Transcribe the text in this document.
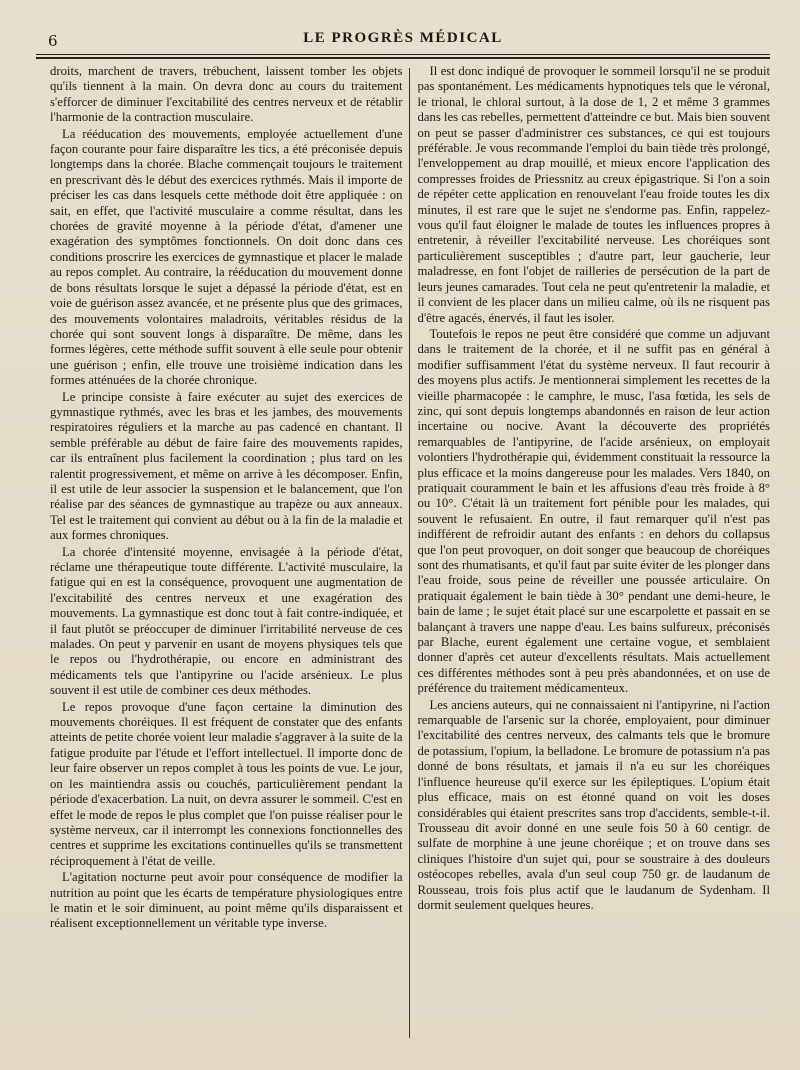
6	LE PROGRÈS MÉDICAL

droits, marchent de travers, trébuchent, laissent tomber les objets qu'ils tiennent à la main. On devra donc au cours du traitement s'efforcer de diminuer l'excitabilité des centres nerveux et de rétablir l'harmonie de la contraction musculaire.

La rééducation des mouvements, employée actuellement d'une façon courante pour faire disparaître les tics, a été préconisée depuis longtemps dans la chorée. Blache commençait toujours le traitement en prescrivant dès le début des exercices rythmés. Mais il importe de préciser les cas dans lesquels cette méthode doit être appliquée : on sait, en effet, que l'activité musculaire a comme résultat, dans les chorées de gravité moyenne à la période d'état, d'amener une exagération des symptômes fonctionnels. On doit donc dans ces conditions proscrire les exercices de gymnastique et placer le malade au repos complet. Au contraire, la rééducation du mouvement donne de bons résultats lorsque le sujet a dépassé la période d'état, est en voie de guérison assez avancée, et ne présente plus que des grimaces, des mouvements volontaires maladroits, véritables résidus de la chorée qui sont souvent longs à disparaître. De même, dans les formes légères, cette méthode suffit souvent à elle seule pour obtenir une guérison ; enfin, elle trouve une troisième indication dans les formes atténuées de la chorée chronique.

Le principe consiste à faire exécuter au sujet des exercices de gymnastique rythmés, avec les bras et les jambes, des mouvements respiratoires réguliers et la marche au pas cadencé en chantant. Il semble préférable au début de faire faire des mouvements rapides, car ils entraînent plus facilement la coordination ; plus tard on les ralentit progressivement, et même on arrive à les décomposer. Enfin, il est utile de leur associer la suspension et le balancement, que l'on réalise par des séances de gymnastique au trapèze ou aux anneaux. Tel est le traitement qui convient au début ou à la fin de la maladie et aux formes chroniques.

La chorée d'intensité moyenne, envisagée à la période d'état, réclame une thérapeutique toute différente. L'activité musculaire, la fatigue qui en est la conséquence, provoquent une augmentation de l'excitabilité des centres nerveux et une exagération des mouvements. La gymnastique est donc tout à fait contre-indiquée, et il faut plutôt se préoccuper de diminuer l'irritabilité nerveuse de ces malades. On peut y parvenir en usant de moyens physiques tels que le repos ou l'hydrothérapie, ou encore en administrant des médicaments tels que l'antipyrine ou l'acide arsénieux. Le plus souvent il est utile de combiner ces deux méthodes.

Le repos provoque d'une façon certaine la diminution des mouvements choréiques. Il est fréquent de constater que des enfants atteints de petite chorée voient leur maladie s'aggraver à la suite de la fatigue produite par l'étude et l'effort intellectuel. Il importe donc de leur faire observer un repos complet à tous les points de vue. Le jour, on les maintiendra assis ou couchés, particulièrement pendant la période d'exacerbation. La nuit, on devra assurer le sommeil. C'est en effet le mode de repos le plus complet que l'on puisse réaliser pour le système nerveux, car il interrompt les connexions fonctionnelles des centres et supprime les excitations continuelles qu'ils se transmettent réciproquement à l'état de veille.

L'agitation nocturne peut avoir pour conséquence de modifier la nutrition au point que les écarts de température physiologiques entre le matin et le soir diminuent, au point même qu'ils disparaissent et réalisent exceptionnellement un véritable type inverse.

Il est donc indiqué de provoquer le sommeil lorsqu'il ne se produit pas spontanément. Les médicaments hypnotiques tels que le véronal, le trional, le chloral surtout, à la dose de 1, 2 et même 3 grammes dans les cas rebelles, permettent d'atteindre ce but. Mais bien souvent on peut se passer d'administrer ces substances, ce qui est toujours préférable. Je vous recommande l'emploi du bain tiède très prolongé, l'enveloppement au drap mouillé, et mieux encore l'application des compresses froides de Priessnitz au creux épigastrique. Si l'on a soin de répéter cette application en renouvelant l'eau froide toutes les dix minutes, il est rare que le sujet ne s'endorme pas. Enfin, rappelez-vous qu'il faut éloigner le malade de toutes les influences propres à entretenir, à réveiller l'excitabilité nerveuse. Les choréiques sont particulièrement susceptibles ; d'autre part, leur gaucherie, leur maladresse, en font l'objet de railleries de persécution de la part de leurs jeunes camarades. Tout cela ne peut qu'entretenir la maladie, et il convient de les placer dans un milieu calme, où ils ne risquent pas d'être agacés, énervés, il faut les isoler.

Toutefois le repos ne peut être considéré que comme un adjuvant dans le traitement de la chorée, et il ne suffit pas en général à modifier suffisamment l'état du système nerveux. Il faut recourir à des moyens plus actifs. Je mentionnerai simplement les recettes de la vieille pharmacopée : le camphre, le musc, l'asa fœtida, les sels de zinc, qui sont depuis longtemps abandonnés en raison de leur action incertaine ou nocive. Avant la découverte des propriétés remarquables de l'antipyrine, de l'acide arsénieux, on employait volontiers l'hydrothérapie qui, évidemment constituait la ressource la plus efficace et la moins dangereuse pour les malades. Vers 1840, on pratiquait couramment le bain et les affusions d'eau très froide à 8° ou 10°. C'était là un traitement fort pénible pour les malades, qui souvent le refusaient. En outre, il faut remarquer qu'il n'est pas indifférent de refroidir autant des enfants : en dehors du collapsus que l'on peut provoquer, on doit songer que beaucoup de choréiques sont des rhumatisants, et qu'il faut par suite éviter de les plonger dans l'eau froide, sous peine de réveiller une poussée articulaire. On pratiquait également le bain tiède à 30° pendant une demi-heure, le bain de lame ; le sujet était placé sur une escarpolette et passait en se balançant à travers une nappe d'eau. Les bains sulfureux, préconisés par Blache, eurent également une certaine vogue, et semblaient donner d'après cet auteur d'excellents résultats. Mais actuellement ces différentes méthodes sont à peu près abandonnées, et on use de préférence du traitement médicamenteux.

Les anciens auteurs, qui ne connaissaient ni l'antipyrine, ni l'action remarquable de l'arsenic sur la chorée, employaient, pour diminuer l'excitabilité des centres nerveux, des calmants tels que le bromure de potassium, l'opium, la belladone. Le bromure de potassium n'a pas donné de bons résultats, et jamais il n'a eu sur les choréiques l'influence heureuse qu'il exerce sur les épileptiques. L'opium était plus efficace, mais on est étonné quand on voit les doses considérables qui étaient prescrites sans trop d'accidents, semble-t-il. Trousseau dit avoir donné en une seule fois 50 à 60 centigr. de sulfate de morphine à une jeune choréique ; et on trouve dans ses cliniques l'histoire d'un sujet qui, pour se soustraire à des douleurs ostéocopes rebelles, avala d'un seul coup 750 gr. de laudanum de Rousseau, trois fois plus actif que le laudanum de Sydenham. Il dormit seulement quelques heures.
